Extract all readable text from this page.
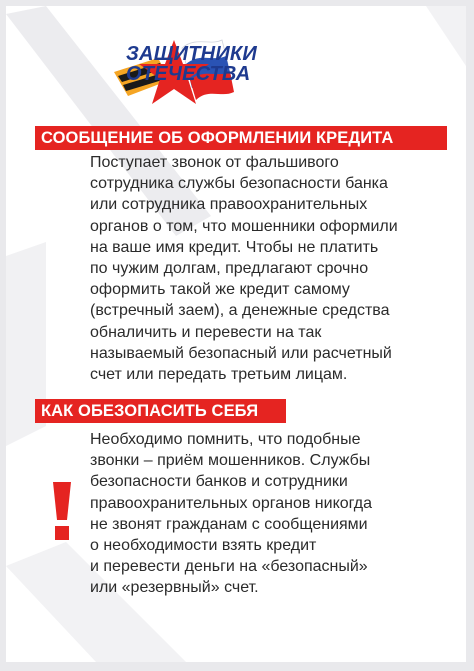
ЗАЩИТНИКИ
ОТЕЧЕСТВА
СООБЩЕНИЕ ОБ ОФОРМЛЕНИИ КРЕДИТА
Поступает звонок от фальшивого
сотрудника службы безопасности банка
или сотрудника правоохранительных
органов о том, что мошенники оформили
на ваше имя кредит. Чтобы не платить
по чужим долгам, предлагают срочно
оформить такой же кредит самому
(встречный заем), а денежные средства
обналичить и перевести на так
называемый безопасный или расчетный
счет или передать третьим лицам.
КАК ОБЕЗОПАСИТЬ СЕБЯ
Необходимо помнить, что подобные
звонки – приём мошенников. Службы
безопасности банков и сотрудники
правоохранительных органов никогда
не звонят гражданам с сообщениями
о необходимости взять кредит
и перевести деньги на «безопасный»
или «резервный» счет.
